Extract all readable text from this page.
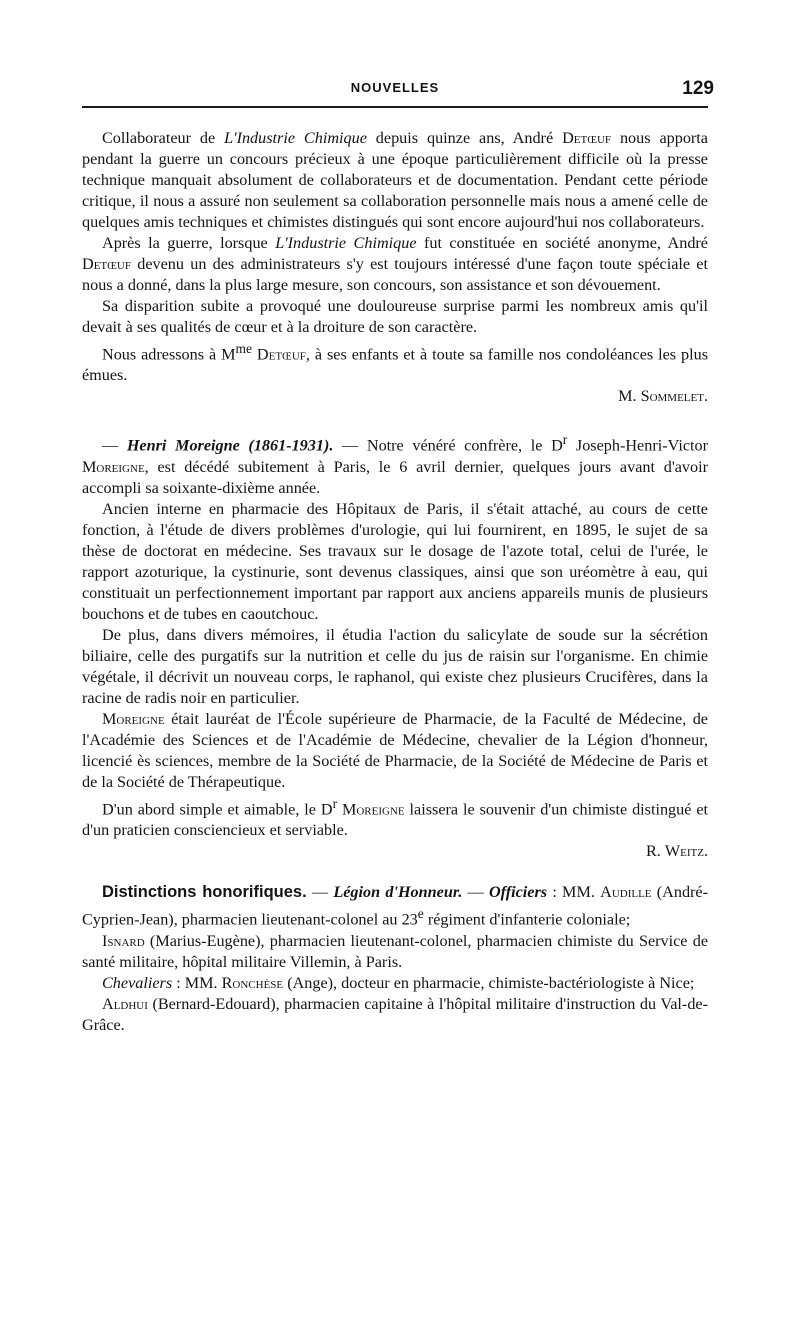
NOUVELLES	129

Collaborateur de L'Industrie Chimique depuis quinze ans, André Detœuf nous apporta pendant la guerre un concours précieux à une époque particulièrement difficile où la presse technique manquait absolument de collaborateurs et de documentation. Pendant cette période critique, il nous a assuré non seulement sa collaboration personnelle mais nous a amené celle de quelques amis techniques et chimistes distingués qui sont encore aujourd'hui nos collaborateurs.

Après la guerre, lorsque L'Industrie Chimique fut constituée en société anonyme, André Detœuf devenu un des administrateurs s'y est toujours intéressé d'une façon toute spéciale et nous a donné, dans la plus large mesure, son concours, son assistance et son dévouement.

Sa disparition subite a provoqué une douloureuse surprise parmi les nombreux amis qu'il devait à ses qualités de cœur et à la droiture de son caractère.

Nous adressons à $M^{me}$ Detœuf, à ses enfants et à toute sa famille nos condoléances les plus émues.

M. Sommelet.

— Henri Moreigne (1861-1931). — Notre vénéré confrère, le $D^r$ Joseph-Henri-Victor Moreigne, est décédé subitement à Paris, le 6 avril dernier, quelques jours avant d'avoir accompli sa soixante-dixième année.

Ancien interne en pharmacie des Hôpitaux de Paris, il s'était attaché, au cours de cette fonction, à l'étude de divers problèmes d'urologie, qui lui fournirent, en 1895, le sujet de sa thèse de doctorat en médecine. Ses travaux sur le dosage de l'azote total, celui de l'urée, le rapport azoturique, la cystinurie, sont devenus classiques, ainsi que son uréomètre à eau, qui constituait un perfectionnement important par rapport aux anciens appareils munis de plusieurs bouchons et de tubes en caoutchouc.

De plus, dans divers mémoires, il étudia l'action du salicylate de soude sur la sécrétion biliaire, celle des purgatifs sur la nutrition et celle du jus de raisin sur l'organisme. En chimie végétale, il décrivit un nouveau corps, le raphanol, qui existe chez plusieurs Crucifères, dans la racine de radis noir en particulier.

Moreigne était lauréat de l'École supérieure de Pharmacie, de la Faculté de Médecine, de l'Académie des Sciences et de l'Académie de Médecine, chevalier de la Légion d'honneur, licencié ès sciences, membre de la Société de Pharmacie, de la Société de Médecine de Paris et de la Société de Thérapeutique.

D'un abord simple et aimable, le $D^r$ Moreigne laissera le souvenir d'un chimiste distingué et d'un praticien consciencieux et serviable.

R. Weitz.

Distinctions honorifiques. — Légion d'Honneur. — Officiers : MM. Audille (André-Cyprien-Jean), pharmacien lieutenant-colonel au 23e régiment d'infanterie coloniale;

Isnard (Marius-Eugène), pharmacien lieutenant-colonel, pharmacien chimiste du Service de santé militaire, hôpital militaire Villemin, à Paris.

Chevaliers : MM. Ronchèse (Ange), docteur en pharmacie, chimiste-bactériologiste à Nice;

Aldhui (Bernard-Edouard), pharmacien capitaine à l'hôpital militaire d'instruction du Val-de-Grâce.
